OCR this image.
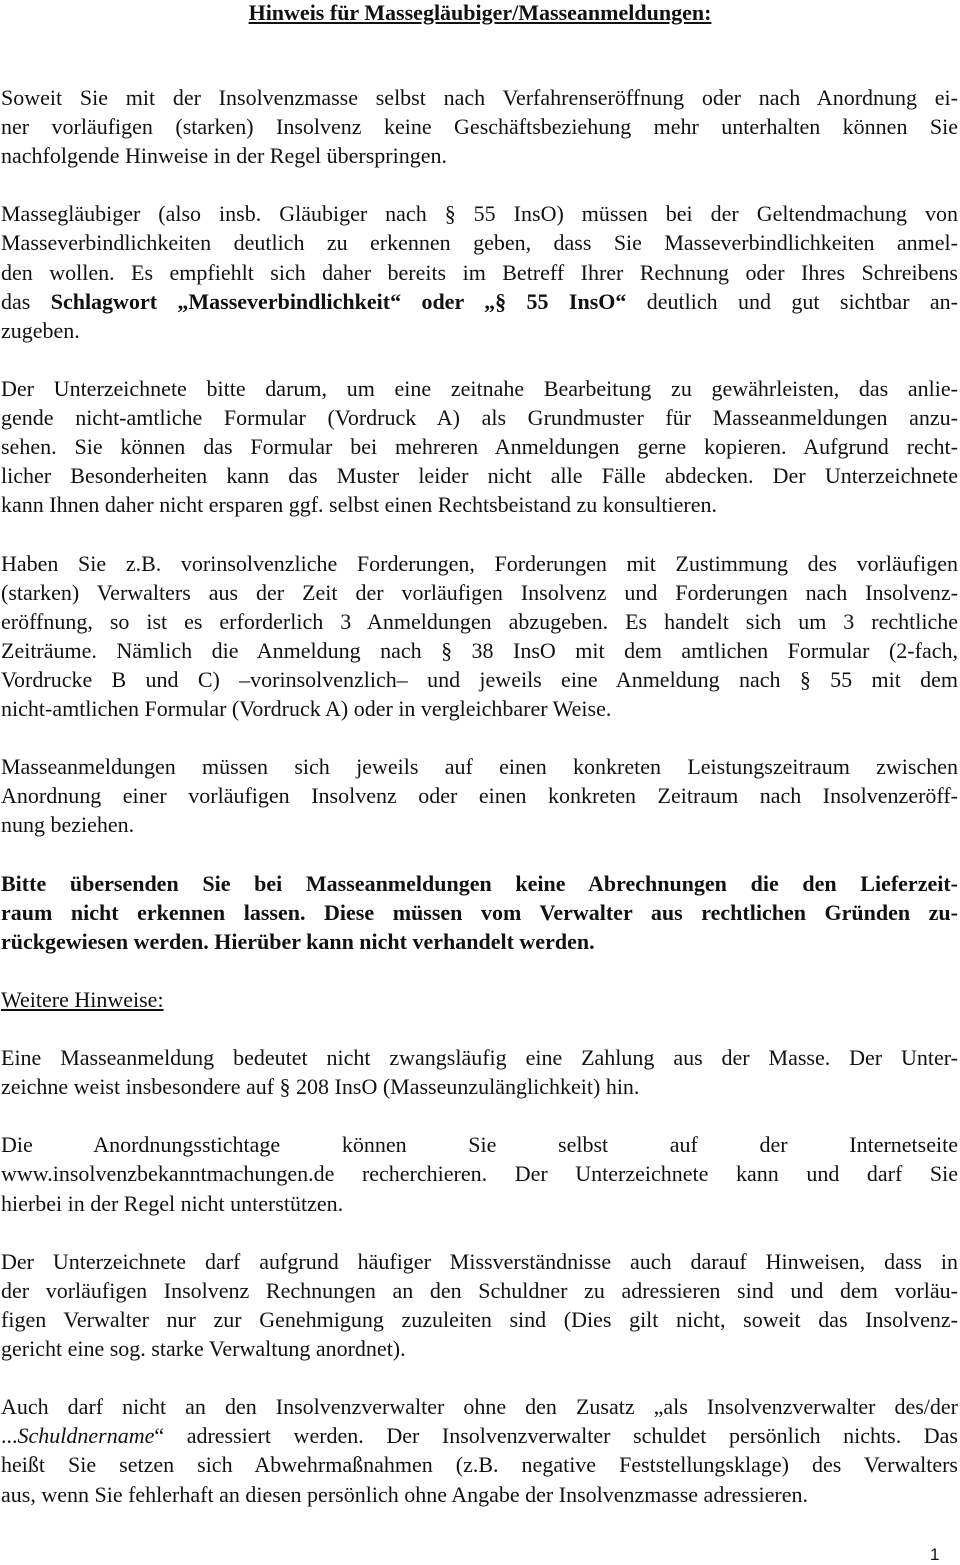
Hinweis für Massegläubiger/Masseanmeldungen:
Soweit Sie mit der Insolvenzmasse selbst nach Verfahrenseröffnung oder nach Anordnung ei-
ner vorläufigen (starken) Insolvenz keine Geschäftsbeziehung mehr unterhalten können Sie
nachfolgende Hinweise in der Regel überspringen.
Massegläubiger (also insb. Gläubiger nach § 55 InsO) müssen bei der Geltendmachung von
Masseverbindlichkeiten deutlich zu erkennen geben, dass Sie Masseverbindlichkeiten anmel-
den wollen. Es empfiehlt sich daher bereits im Betreff Ihrer Rechnung oder Ihres Schreibens
das Schlagwort „Masseverbindlichkeit“ oder „§ 55 InsO“ deutlich und gut sichtbar an-
zugeben.
Der Unterzeichnete bitte darum, um eine zeitnahe Bearbeitung zu gewährleisten, das anlie-
gende nicht-amtliche Formular (Vordruck A) als Grundmuster für Masseanmeldungen anzu-
sehen. Sie können das Formular bei mehreren Anmeldungen gerne kopieren. Aufgrund recht-
licher Besonderheiten kann das Muster leider nicht alle Fälle abdecken. Der Unterzeichnete
kann Ihnen daher nicht ersparen ggf. selbst einen Rechtsbeistand zu konsultieren.
Haben Sie z.B. vorinsolvenzliche Forderungen, Forderungen mit Zustimmung des vorläufigen
(starken) Verwalters aus der Zeit der vorläufigen Insolvenz und Forderungen nach Insolvenz-
eröffnung, so ist es erforderlich 3 Anmeldungen abzugeben. Es handelt sich um 3 rechtliche
Zeiträume. Nämlich die Anmeldung nach § 38 InsO mit dem amtlichen Formular (2-fach,
Vordrucke B und C) –vorinsolvenzlich– und jeweils eine Anmeldung nach § 55 mit dem
nicht-amtlichen Formular (Vordruck A) oder in vergleichbarer Weise.
Masseanmeldungen müssen sich jeweils auf einen konkreten Leistungszeitraum zwischen
Anordnung einer vorläufigen Insolvenz oder einen konkreten Zeitraum nach Insolvenzeröff-
nung beziehen.
Bitte übersenden Sie bei Masseanmeldungen keine Abrechnungen die den Lieferzeit-
raum nicht erkennen lassen. Diese müssen vom Verwalter aus rechtlichen Gründen zu-
rückgewiesen werden. Hierüber kann nicht verhandelt werden.
Weitere Hinweise:
Eine Masseanmeldung bedeutet nicht zwangsläufig eine Zahlung aus der Masse. Der Unter-
zeichne weist insbesondere auf § 208 InsO (Masseunzulänglichkeit) hin.
Die Anordnungsstichtage können Sie selbst auf der Internetseite
www.insolvenzbekanntmachungen.de recherchieren. Der Unterzeichnete kann und darf Sie
hierbei in der Regel nicht unterstützen.
Der Unterzeichnete darf aufgrund häufiger Missverständnisse auch darauf Hinweisen, dass in
der vorläufigen Insolvenz Rechnungen an den Schuldner zu adressieren sind und dem vorläu-
figen Verwalter nur zur Genehmigung zuzuleiten sind (Dies gilt nicht, soweit das Insolvenz-
gericht eine sog. starke Verwaltung anordnet).
Auch darf nicht an den Insolvenzverwalter ohne den Zusatz „als Insolvenzverwalter des/der
...Schuldnername“ adressiert werden. Der Insolvenzverwalter schuldet persönlich nichts. Das
heißt Sie setzen sich Abwehrmaßnahmen (z.B. negative Feststellungsklage) des Verwalters
aus, wenn Sie fehlerhaft an diesen persönlich ohne Angabe der Insolvenzmasse adressieren.
1
